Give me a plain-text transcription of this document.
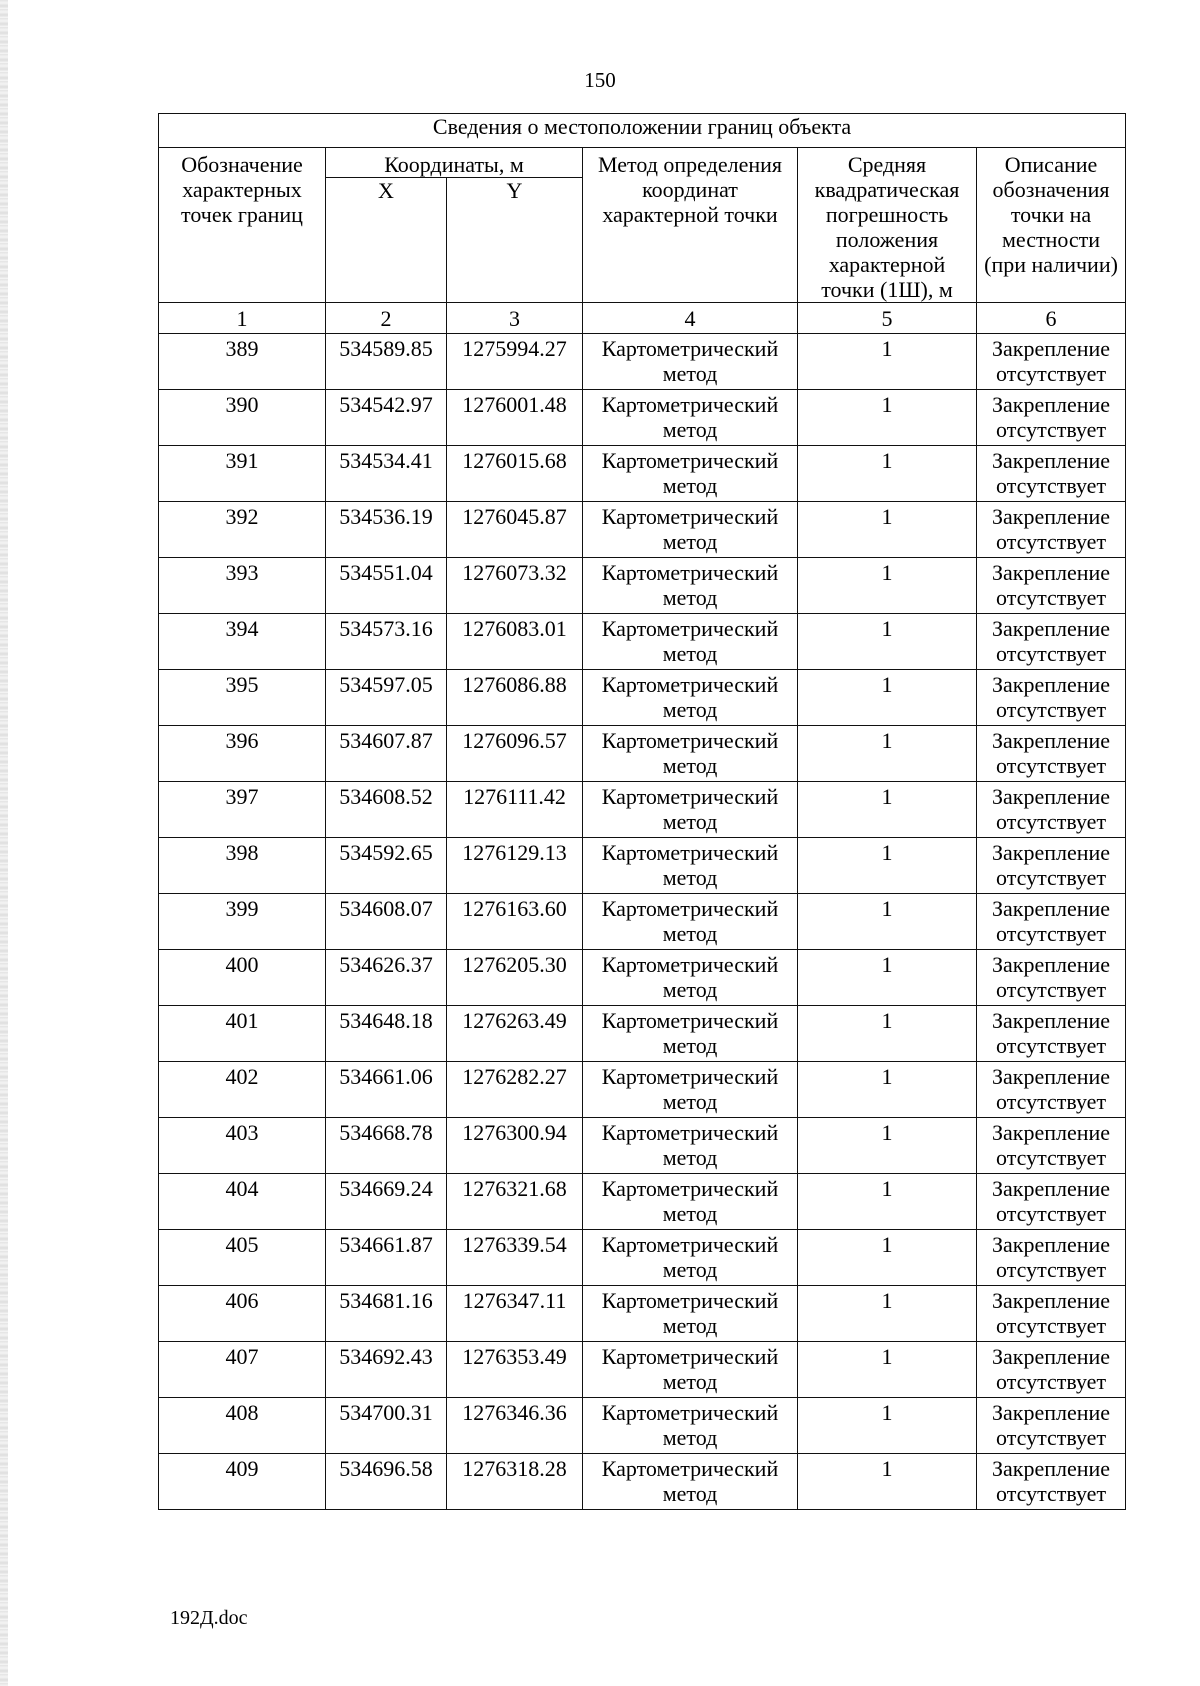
150
Сведения о местоположении границ объекта					
Обозначение характерных точек границ	Координаты, м		Метод определения координат характерной точки	Средняя квадратическая погрешность положения характерной точки (1Ш), м	Описание обозначения точки на местности (при наличии)
	X	Y			
1	2	3	4	5	6
389	534589.85	1275994.27	Картометрический метод	1	Закрепление отсутствует
390	534542.97	1276001.48	Картометрический метод	1	Закрепление отсутствует
391	534534.41	1276015.68	Картометрический метод	1	Закрепление отсутствует
392	534536.19	1276045.87	Картометрический метод	1	Закрепление отсутствует
393	534551.04	1276073.32	Картометрический метод	1	Закрепление отсутствует
394	534573.16	1276083.01	Картометрический метод	1	Закрепление отсутствует
395	534597.05	1276086.88	Картометрический метод	1	Закрепление отсутствует
396	534607.87	1276096.57	Картометрический метод	1	Закрепление отсутствует
397	534608.52	1276111.42	Картометрический метод	1	Закрепление отсутствует
398	534592.65	1276129.13	Картометрический метод	1	Закрепление отсутствует
399	534608.07	1276163.60	Картометрический метод	1	Закрепление отсутствует
400	534626.37	1276205.30	Картометрический метод	1	Закрепление отсутствует
401	534648.18	1276263.49	Картометрический метод	1	Закрепление отсутствует
402	534661.06	1276282.27	Картометрический метод	1	Закрепление отсутствует
403	534668.78	1276300.94	Картометрический метод	1	Закрепление отсутствует
404	534669.24	1276321.68	Картометрический метод	1	Закрепление отсутствует
405	534661.87	1276339.54	Картометрический метод	1	Закрепление отсутствует
406	534681.16	1276347.11	Картометрический метод	1	Закрепление отсутствует
407	534692.43	1276353.49	Картометрический метод	1	Закрепление отсутствует
408	534700.31	1276346.36	Картометрический метод	1	Закрепление отсутствует
409	534696.58	1276318.28	Картометрический метод	1	Закрепление отсутствует
192Д.doc
